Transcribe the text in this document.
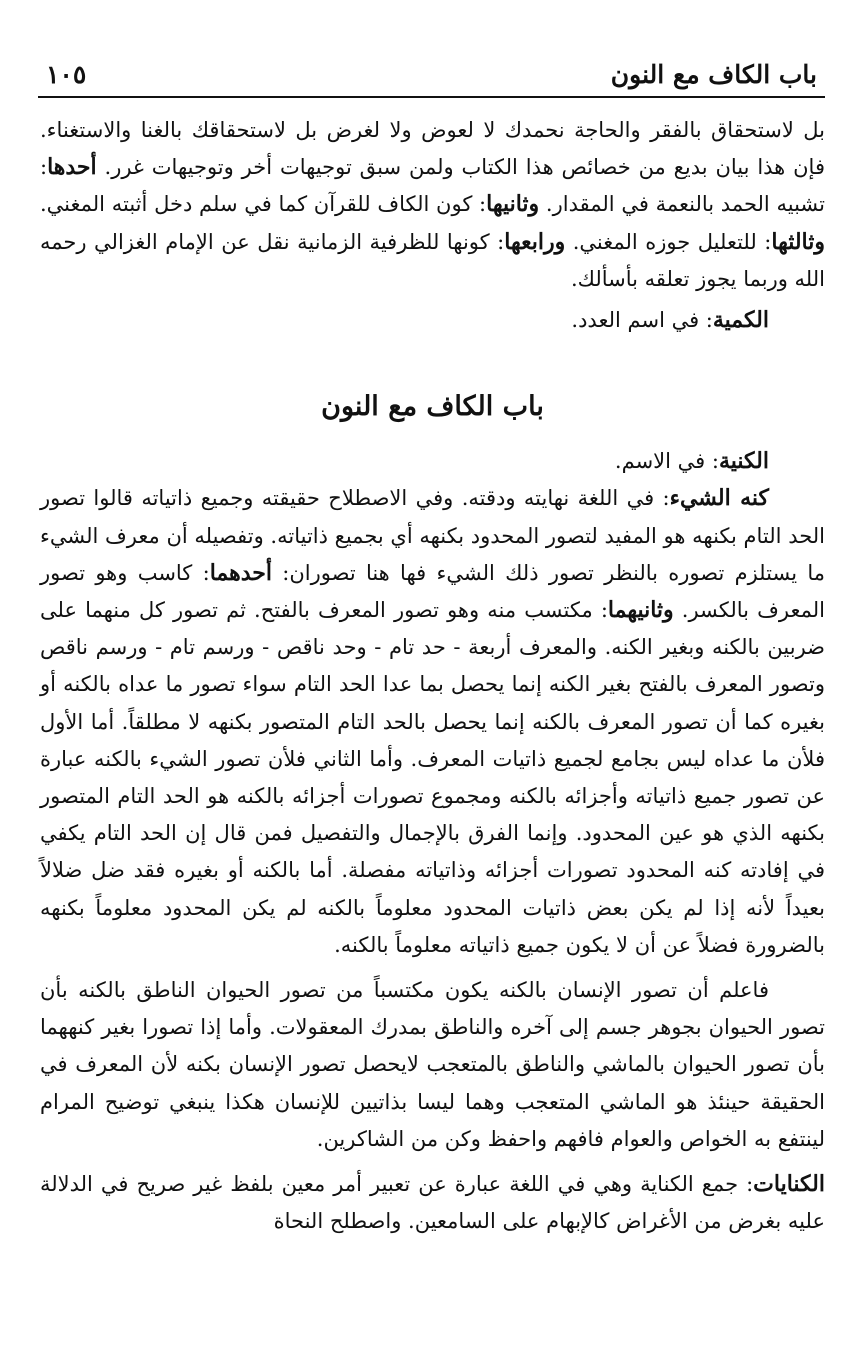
باب الكاف مع النون
١٠٥

بل لاستحقاق بالفقر والحاجة نحمدك لا لعوض ولا لغرض بل لاستحقاقك بالغنا والاستغناء. فإن هذا بيان بديع من خصائص هذا الكتاب ولمن سبق توجيهات أخر وتوجيهات غرر. أحدها: تشبيه الحمد بالنعمة في المقدار. وثانيها: كون الكاف للقرآن كما في سلم دخل أثبته المغني. وثالثها: للتعليل جوزه المغني. ورابعها: كونها للظرفية الزمانية نقل عن الإمام الغزالي رحمه الله وربما يجوز تعلقه بأسألك.

الكمية: في اسم العدد.

باب الكاف مع النون

الكنية: في الاسم.

كنه الشيء: في اللغة نهايته ودقته. وفي الاصطلاح حقيقته وجميع ذاتياته قالوا تصور الحد التام بكنهه هو المفيد لتصور المحدود بكنهه أي بجميع ذاتياته. وتفصيله أن معرف الشيء ما يستلزم تصوره بالنظر تصور ذلك الشيء فها هنا تصوران: أحدهما: كاسب وهو تصور المعرف بالكسر. وثانيهما: مكتسب منه وهو تصور المعرف بالفتح. ثم تصور كل منهما على ضربين بالكنه وبغير الكنه. والمعرف أربعة - حد تام - وحد ناقص - ورسم تام - ورسم ناقص وتصور المعرف بالفتح بغير الكنه إنما يحصل بما عدا الحد التام سواء تصور ما عداه بالكنه أو بغيره كما أن تصور المعرف بالكنه إنما يحصل بالحد التام المتصور بكنهه لا مطلقاً. أما الأول فلأن ما عداه ليس بجامع لجميع ذاتيات المعرف. وأما الثاني فلأن تصور الشيء بالكنه عبارة عن تصور جميع ذاتياته وأجزائه بالكنه ومجموع تصورات أجزائه بالكنه هو الحد التام المتصور بكنهه الذي هو عين المحدود. وإنما الفرق بالإجمال والتفصيل فمن قال إن الحد التام يكفي في إفادته كنه المحدود تصورات أجزائه وذاتياته مفصلة. أما بالكنه أو بغيره فقد ضل ضلالاً بعيداً لأنه إذا لم يكن بعض ذاتيات المحدود معلوماً بالكنه لم يكن المحدود معلوماً بكنهه بالضرورة فضلاً عن أن لا يكون جميع ذاتياته معلوماً بالكنه.

فاعلم أن تصور الإنسان بالكنه يكون مكتسباً من تصور الحيوان الناطق بالكنه بأن تصور الحيوان بجوهر جسم إلى آخره والناطق بمدرك المعقولات. وأما إذا تصورا بغير كنههما بأن تصور الحيوان بالماشي والناطق بالمتعجب لايحصل تصور الإنسان بكنه لأن المعرف في الحقيقة حينئذ هو الماشي المتعجب وهما ليسا بذاتيين للإنسان هكذا ينبغي توضيح المرام لينتفع به الخواص والعوام فافهم واحفظ وكن من الشاكرين.

الكنايات: جمع الكناية وهي في اللغة عبارة عن تعبير أمر معين بلفظ غير صريح في الدلالة عليه بغرض من الأغراض كالإبهام على السامعين. واصطلح النحاة
